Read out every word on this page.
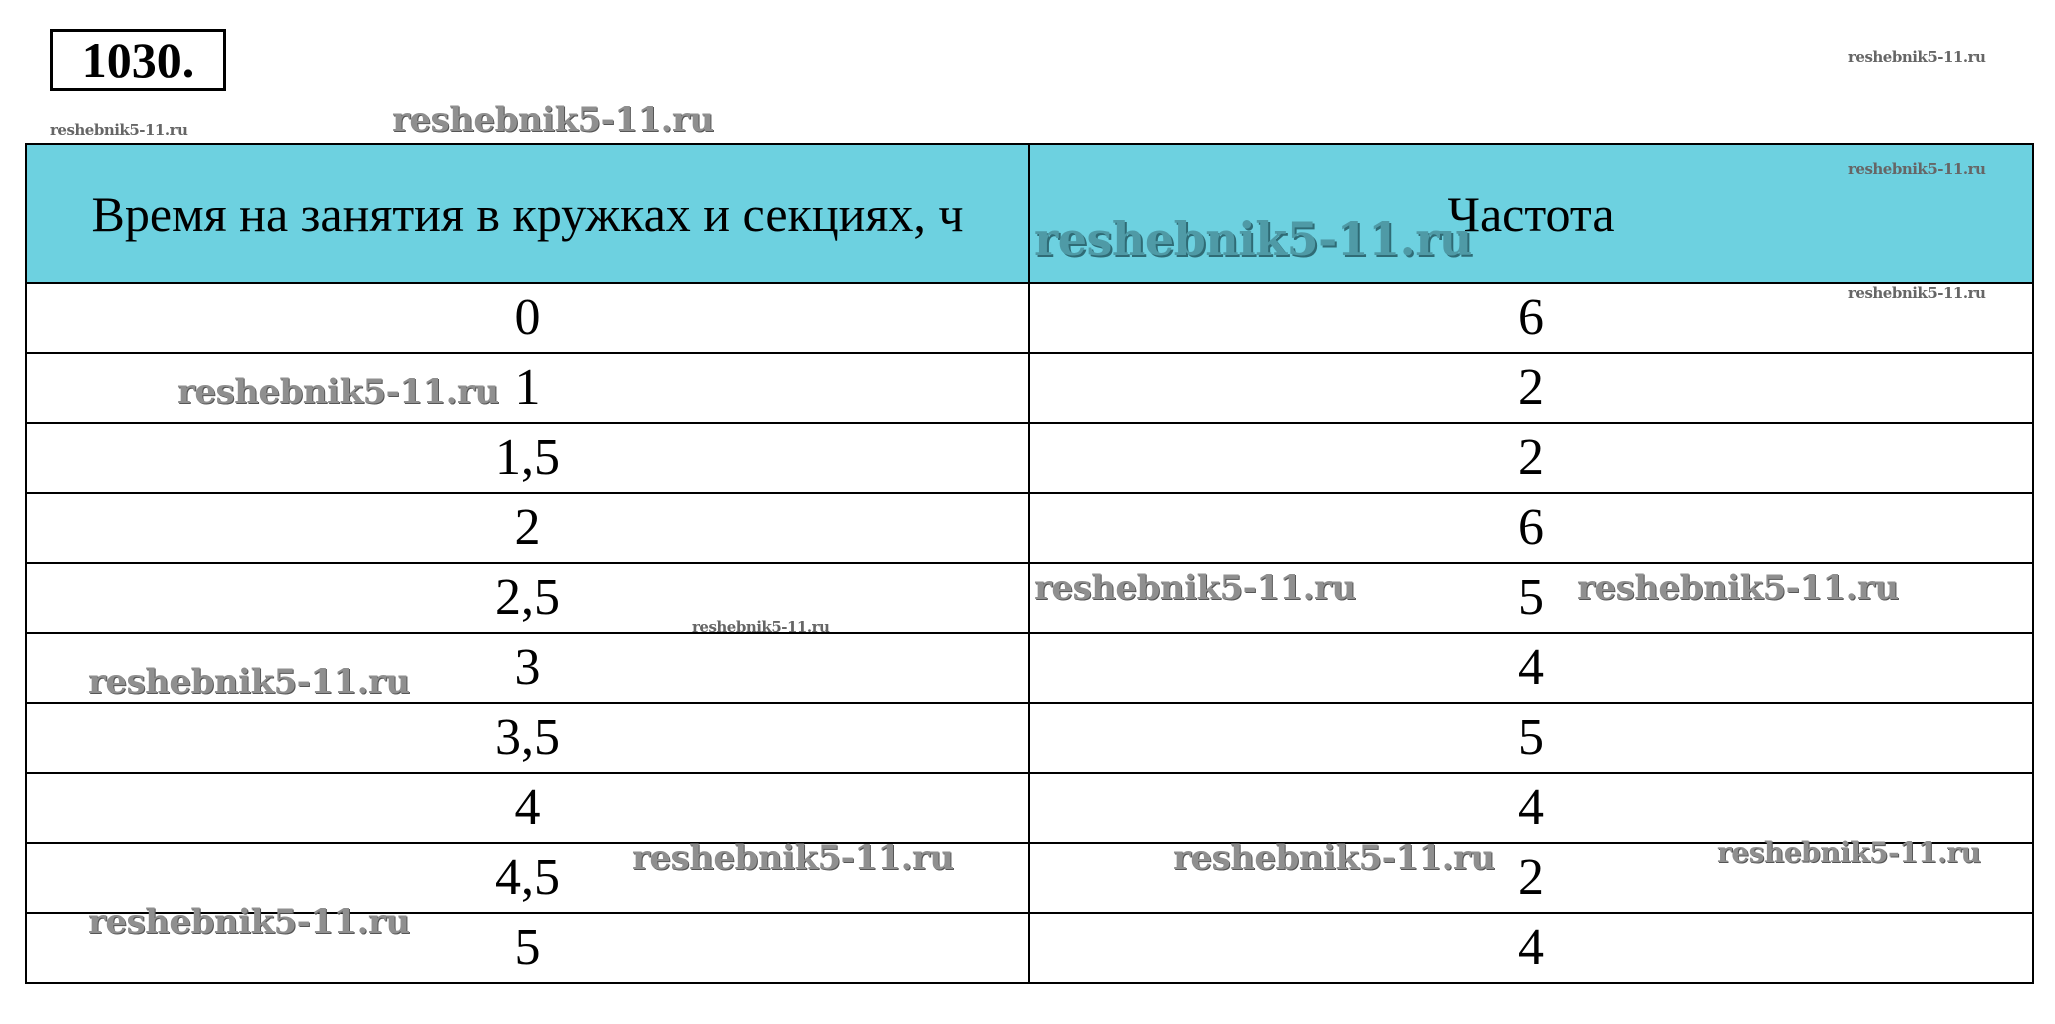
1030.
Время на занятия в кружках и секциях, ч	Частота
0	6
1	2
1,5	2
2	6
2,5	5
3	4
3,5	5
4	4
4,5	2
5	4
reshebnik5-11.ru
reshebnik5-11.ru	reshebnik5-11.ru
reshebnik5-11.ru
reshebnik5-11.ru
reshebnik5-11.ru
reshebnik5-11.ru
reshebnik5-11.ru	reshebnik5-11.ru
reshebnik5-11.ru
reshebnik5-11.ru
reshebnik5-11.ru	reshebnik5-11.ru	reshebnik5-11.ru
reshebnik5-11.ru
